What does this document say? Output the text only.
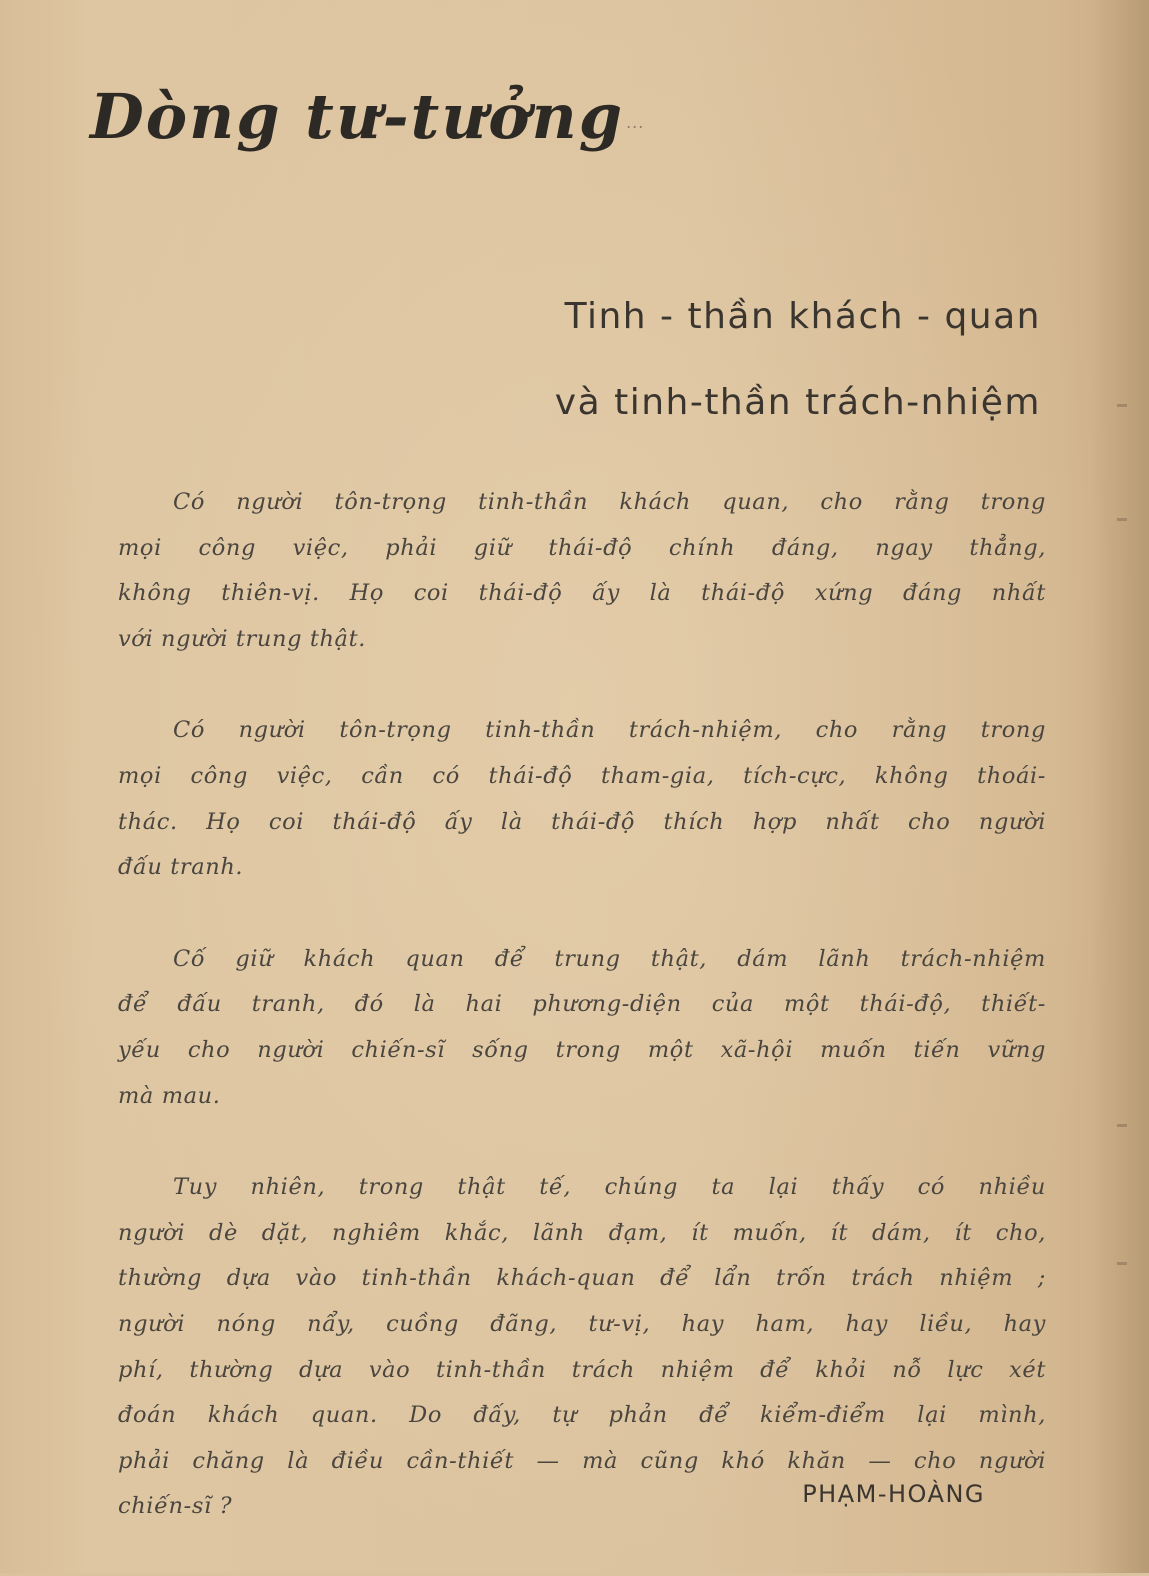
Dòng tư-tưởng ...
Tinh - thần khách - quan
và tinh-thần trách-nhiệm
Có người tôn-trọng tinh-thần khách quan, cho rằng trong
mọi công việc, phải giữ thái-độ chính đáng, ngay thẳng,
không thiên-vị. Họ coi thái-độ ấy là thái-độ xứng đáng nhất
với người trung thật.
Có người tôn-trọng tinh-thần trách-nhiệm, cho rằng trong
mọi công việc, cần có thái-độ tham-gia, tích-cực, không thoái-
thác. Họ coi thái-độ ấy là thái-độ thích hợp nhất cho người
đấu tranh.
Cố giữ khách quan để trung thật, dám lãnh trách-nhiệm
để đấu tranh, đó là hai phương-diện của một thái-độ, thiết-
yếu cho người chiến-sĩ sống trong một xã-hội muốn tiến vững
mà mau.
Tuy nhiên, trong thật tế, chúng ta lại thấy có nhiều
người dè dặt, nghiêm khắc, lãnh đạm, ít muốn, ít dám, ít cho,
thường dựa vào tinh-thần khách-quan để lẩn trốn trách nhiệm ;
người nóng nẩy, cuồng đãng, tư-vị, hay ham, hay liều, hay
phí, thường dựa vào tinh-thần trách nhiệm để khỏi nỗ lực xét
đoán khách quan. Do đấy, tự phản để kiểm-điểm lại mình,
phải chăng là điều cần-thiết — mà cũng khó khăn — cho người
chiến-sĩ ?	PHẠM-HOÀNG
